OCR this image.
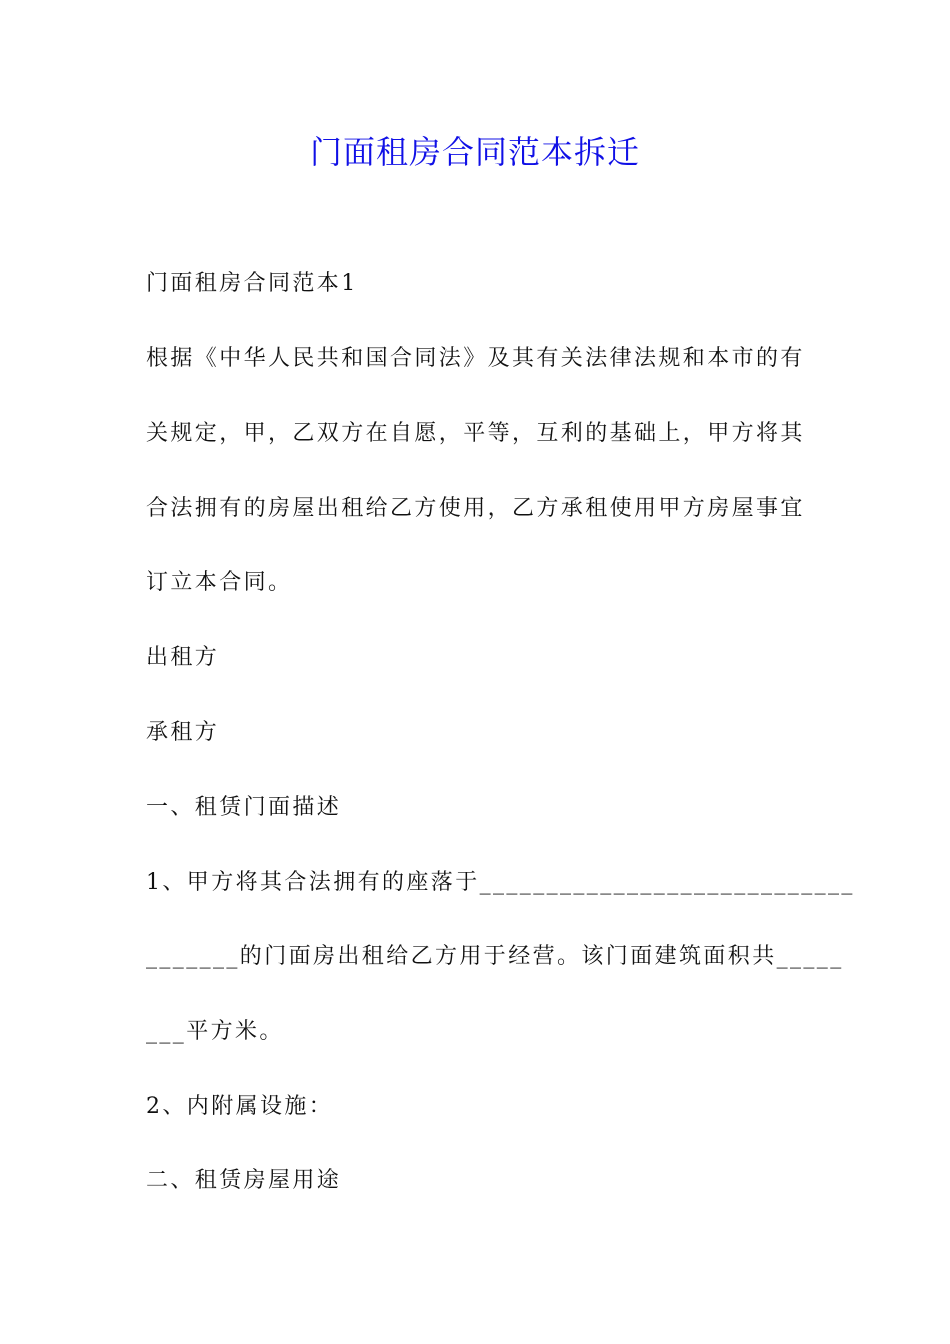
门面租房合同范本拆迁
门面租房合同范本1
根据《中华人民共和国合同法》及其有关法律法规和本市的有
关规定，甲，乙双方在自愿，平等，互利的基础上，甲方将其
合法拥有的房屋出租给乙方使用，乙方承租使用甲方房屋事宜
订立本合同。
出租方
承租方
一、租赁门面描述
1、甲方将其合法拥有的座落于____________________________
_______的门面房出租给乙方用于经营。该门面建筑面积共_____
___平方米。
2、内附属设施：
二、租赁房屋用途
